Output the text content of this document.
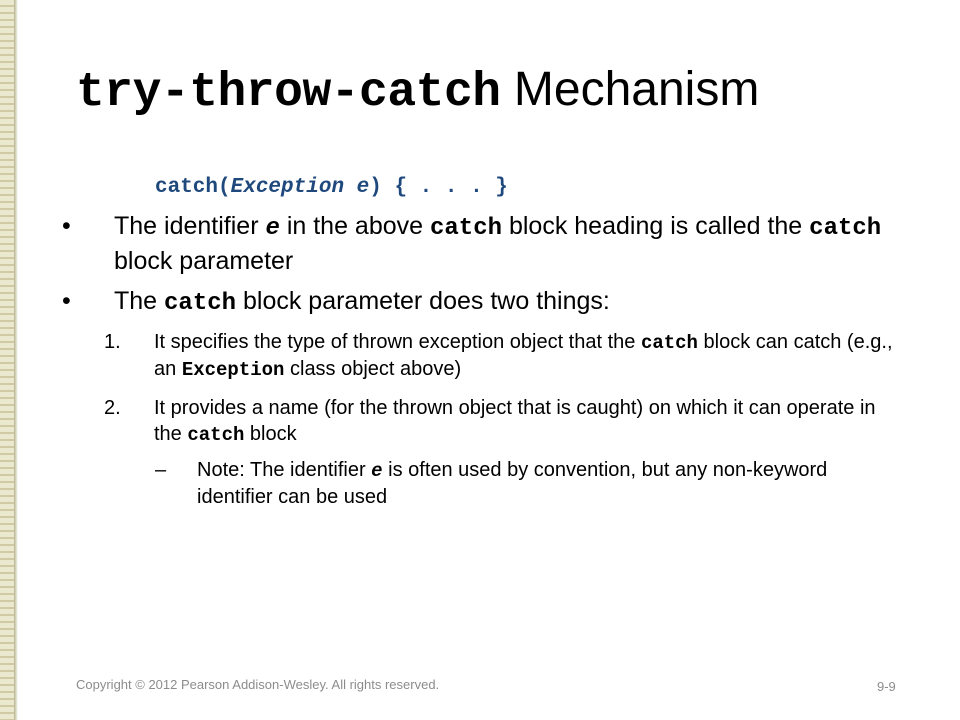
try-throw-catch Mechanism
catch(Exception e) { . . . }
• The identifier e in the above catch block heading is called the catch block parameter
• The catch block parameter does two things:
1. It specifies the type of thrown exception object that the catch block can catch (e.g., an Exception class object above)
2. It provides a name (for the thrown object that is caught) on which it can operate in the catch block
– Note: The identifier e is often used by convention, but any non-keyword identifier can be used
Copyright © 2012 Pearson Addison-Wesley. All rights reserved.	9-9
